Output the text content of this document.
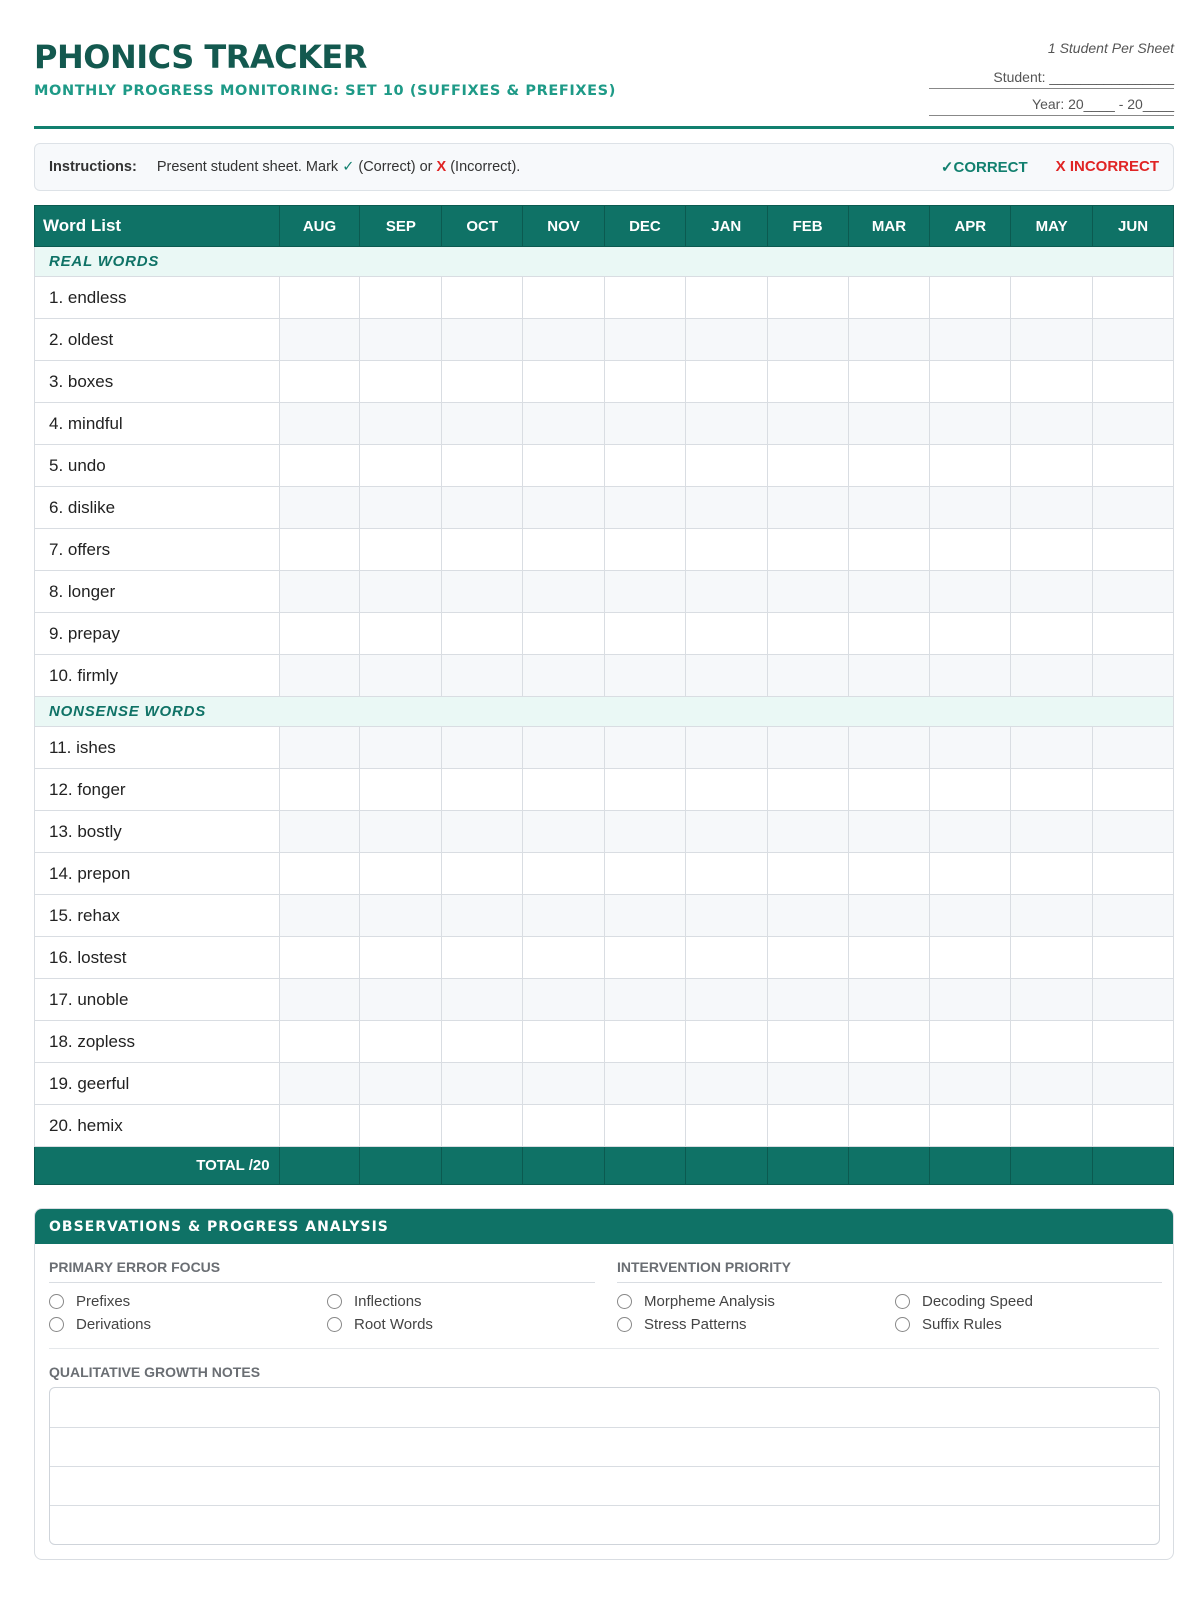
PHONICS TRACKER
MONTHLY PROGRESS MONITORING: SET 10 (SUFFIXES & PREFIXES)
1 Student Per Sheet
Student: ________________
Year: 20____ - 20____
Instructions: Present student sheet. Mark ✓ (Correct) or X (Incorrect).	✓CORRECT X INCORRECT
Word List	AUG	SEP	OCT	NOV	DEC	JAN	FEB	MAR	APR	MAY	JUN
REAL WORDS											
1. endless											
2. oldest											
3. boxes											
4. mindful											
5. undo											
6. dislike											
7. offers											
8. longer											
9. prepay											
10. firmly											
NONSENSE WORDS											
11. ishes											
12. fonger											
13. bostly											
14. prepon											
15. rehax											
16. lostest											
17. unoble											
18. zopless											
19. geerful											
20. hemix											
TOTAL /20											
OBSERVATIONS & PROGRESS ANALYSIS
PRIMARY ERROR FOCUS
Prefixes	Inflections
Derivations	Root Words
INTERVENTION PRIORITY
Morpheme Analysis	Decoding Speed
Stress Patterns	Suffix Rules
QUALITATIVE GROWTH NOTES
